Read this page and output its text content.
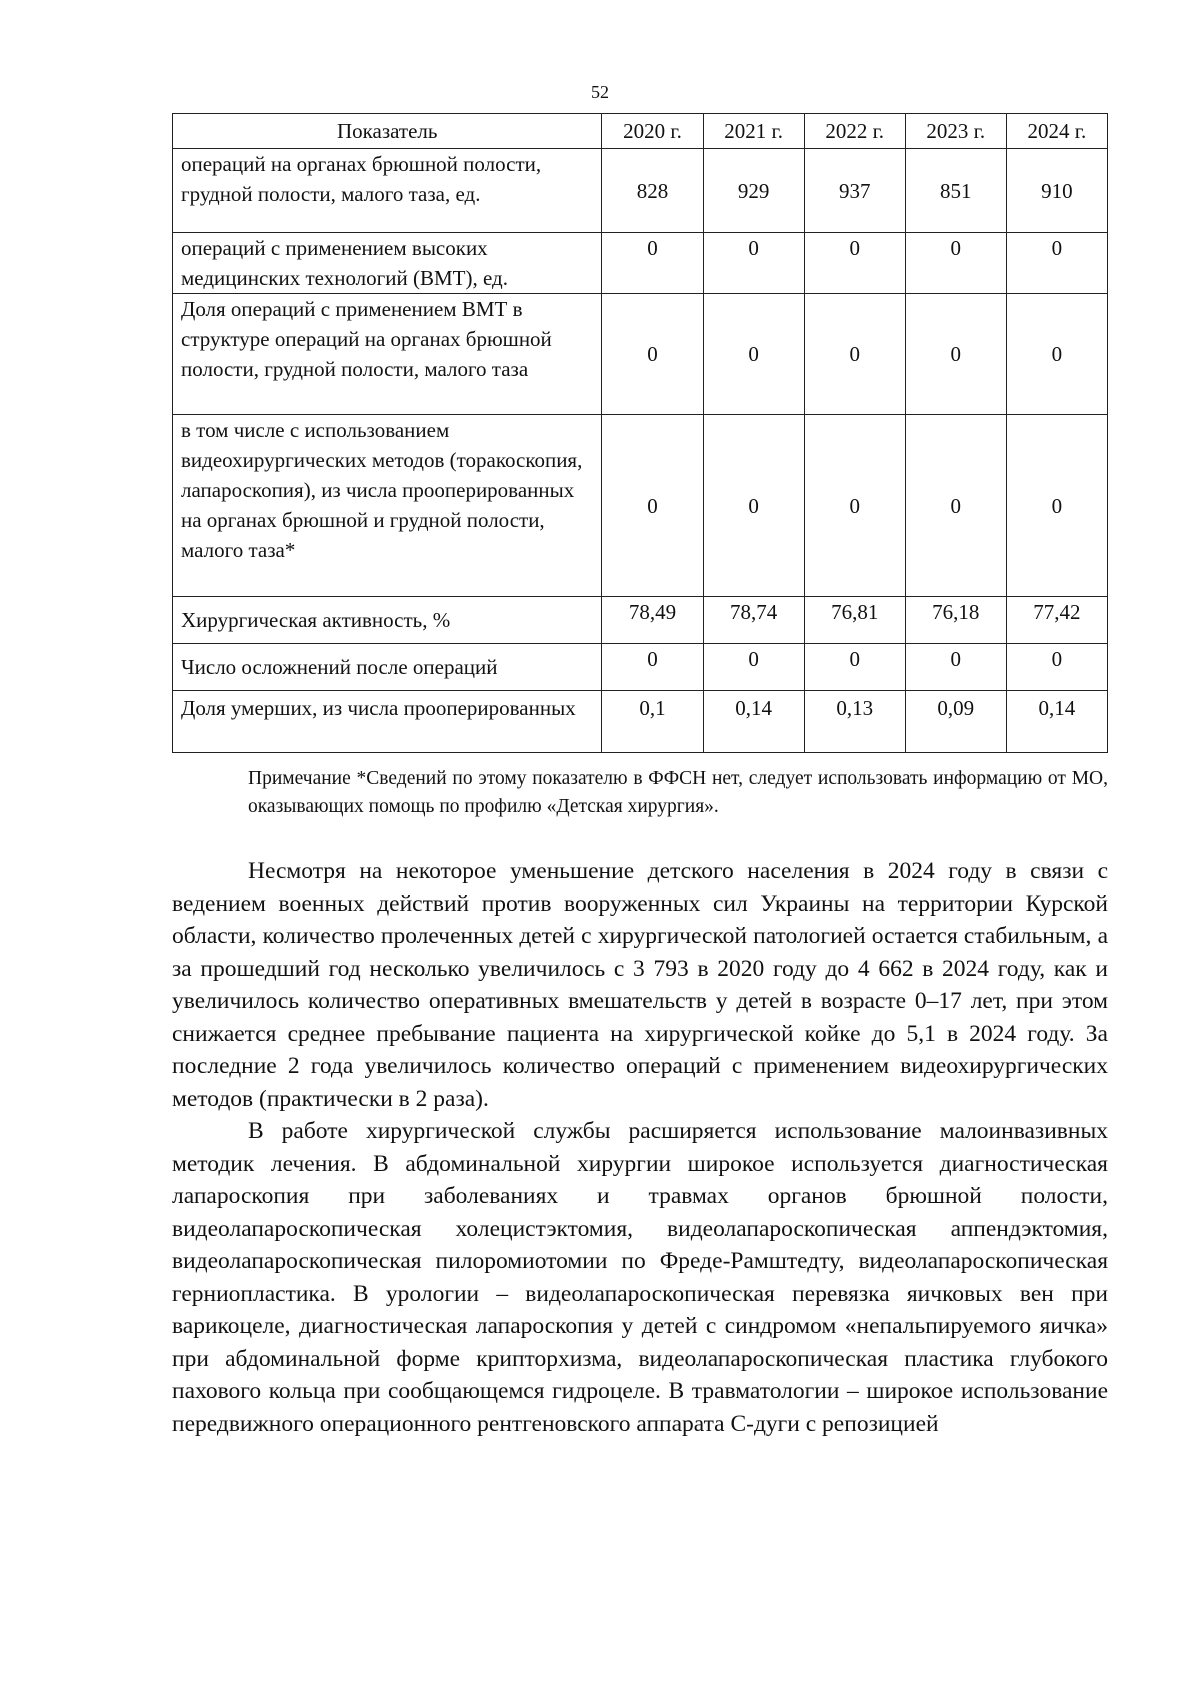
52
Показатель	2020 г.	2021 г.	2022 г.	2023 г.	2024 г.
операций на органах брюшной полости, грудной полости, малого таза, ед.	828	929	937	851	910
операций с применением высоких медицинских технологий (ВМТ), ед.	0	0	0	0	0
Доля операций с применением ВМТ в структуре операций на органах брюшной полости, грудной полости, малого таза	0	0	0	0	0
в том числе с использованием видеохирургических методов (торакоскопия, лапароскопия), из числа прооперированных на органах брюшной и грудной полости, малого таза*	0	0	0	0	0
Хирургическая активность, %	78,49	78,74	76,81	76,18	77,42
Число осложнений после операций	0	0	0	0	0
Доля умерших, из числа прооперированных	0,1	0,14	0,13	0,09	0,14
Примечание *Сведений по этому показателю в ФФСН нет, следует использовать информацию от МО, оказывающих помощь по профилю «Детская хирургия».

Несмотря на некоторое уменьшение детского населения в 2024 году в связи с ведением военных действий против вооруженных сил Украины на территории Курской области, количество пролеченных детей с хирургической патологией остается стабильным, а за прошедший год несколько увеличилось с 3 793 в 2020 году до 4 662 в 2024 году, как и увеличилось количество оперативных вмешательств у детей в возрасте 0–17 лет, при этом снижается среднее пребывание пациента на хирургической койке до 5,1 в 2024 году. За последние 2 года увеличилось количество операций с применением видеохирургических методов (практически в 2 раза).

В работе хирургической службы расширяется использование малоинвазивных методик лечения. В абдоминальной хирургии широкое используется диагностическая лапароскопия при заболеваниях и травмах органов брюшной полости, видеолапароскопическая холецистэктомия, видеолапароскопическая аппендэктомия, видеолапароскопическая пилоромиотомии по Фреде-Рамштедту, видеолапароскопическая герниопластика. В урологии – видеолапароскопическая перевязка яичковых вен при варикоцеле, диагностическая лапароскопия у детей с синдромом «непальпируемого яичка» при абдоминальной форме крипторхизма, видеолапароскопическая пластика глубокого пахового кольца при сообщающемся гидроцеле. В травматологии – широкое использование передвижного операционного рентгеновского аппарата С-дуги с репозицией
